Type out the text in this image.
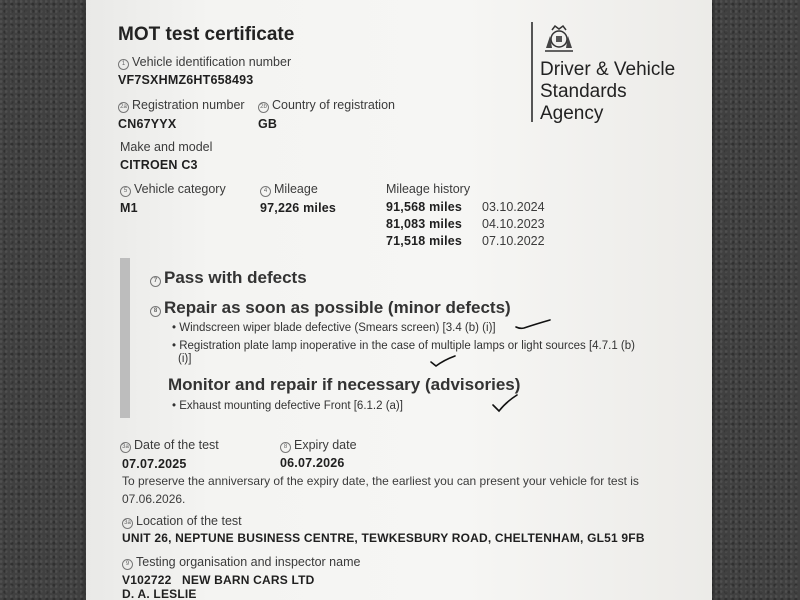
MOT test certificate
Driver & Vehicle
Standards
Agency
1 Vehicle identification number
VF7SXHMZ6HT658493
2a Registration number
CN67YYX
2b Country of registration
GB
Make and model
CITROEN C3
5 Vehicle category
M1
4 Mileage
97,226 miles
Mileage history
91,568 miles 03.10.2024
81,083 miles 04.10.2023
71,518 miles 07.10.2022
7 Pass with defects
8 Repair as soon as possible (minor defects)
• Windscreen wiper blade defective (Smears screen) [3.4 (b) (i)]
• Registration plate lamp inoperative in the case of multiple lamps or light sources [4.7.1 (b)
(i)]
Monitor and repair if necessary (advisories)
• Exhaust mounting defective Front [6.1.2 (a)]
3a Date of the test
07.07.2025
8 Expiry date
06.07.2026
To preserve the anniversary of the expiry date, the earliest you can present your vehicle for test is
07.06.2026.
3a Location of the test
UNIT 26, NEPTUNE BUSINESS CENTRE, TEWKESBURY ROAD, CHELTENHAM, GL51 9FB
9 Testing organisation and inspector name
V102722   NEW BARN CARS LTD
D. A. LESLIE
